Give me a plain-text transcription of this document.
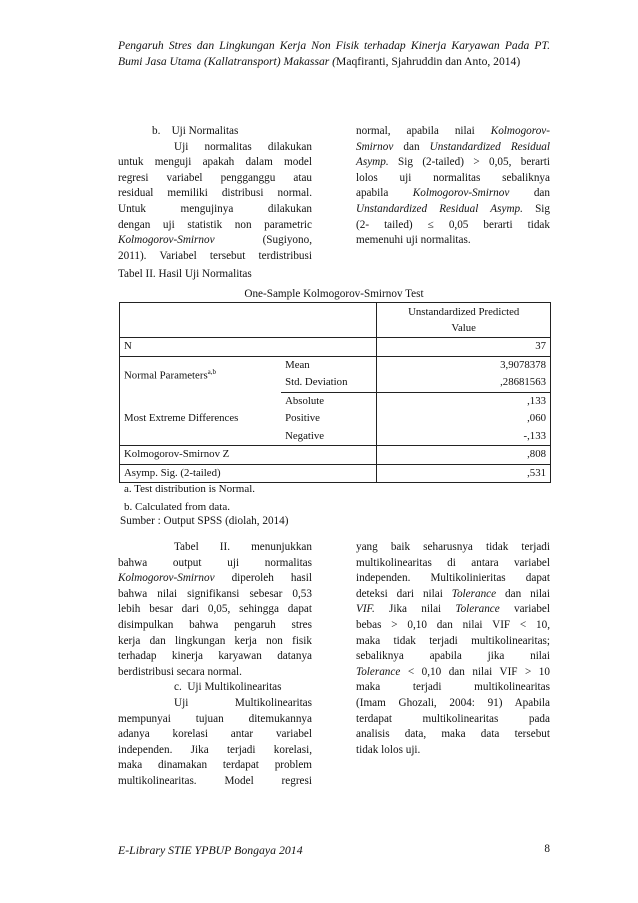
Pengaruh Stres dan Lingkungan Kerja Non Fisik terhadap Kinerja Karyawan Pada PT. Bumi Jasa Utama (Kallatransport) Makassar (Maqfiranti, Sjahruddin dan Anto, 2014)

b.    Uji Normalitas

Uji normalitas dilakukan

untuk menguji apakah dalam model

regresi variabel pengganggu atau

residual memiliki distribusi normal.

Untuk mengujinya dilakukan

dengan uji statistik non parametric

Kolmogorov-Smirnov	(Sugiyono,

2011). Variabel tersebut terdistribusi

normal, apabila nilai Kolmogorov-

Smirnov dan Unstandardized Residual

Asymp. Sig (2-tailed) > 0,05, berarti

lolos uji normalitas sebaliknya

apabila Kolmogorov-Smirnov dan

Unstandardized Residual Asymp. Sig

(2- tailed) ≤ 0,05 berarti tidak

memenuhi uji normalitas.

Tabel II. Hasil Uji Normalitas
One-Sample Kolmogorov-Smirnov Test

		Unstandardized Predicted
Value

N		37
Normal Parameters$^{a,b}$	Mean	3,9078378
	Std. Deviation	,28681563
Most Extreme Differences	Absolute	,133
	Positive	,060
	Negative	-,133
Kolmogorov-Smirnov Z		,808
Asymp. Sig. (2-tailed)		,531
a. Test distribution is Normal.
b. Calculated from data.
Sumber : Output SPSS (diolah, 2014)

Tabel II. menunjukkan

bahwa output uji normalitas

Kolmogorov-Smirnov diperoleh hasil

bahwa nilai signifikansi sebesar 0,53

lebih besar dari 0,05, sehingga dapat

disimpulkan bahwa pengaruh stres

kerja dan lingkungan kerja non fisik

terhadap kinerja karyawan datanya

berdistribusi secara normal.

c.  Uji Multikolinearitas

Uji Multikolinearitas

mempunyai tujuan ditemukannya

adanya korelasi antar variabel

independen. Jika terjadi korelasi,

maka dinamakan terdapat problem

multikolinearitas. Model regresi

yang baik seharusnya tidak terjadi

multikolinearitas di antara variabel

independen. Multikolinieritas dapat

deteksi dari nilai Tolerance dan nilai

VIF. Jika nilai Tolerance variabel

bebas > 0,10 dan nilai VIF < 10,

maka tidak terjadi multikolinearitas;

sebaliknya apabila jika nilai

Tolerance < 0,10 dan nilai VIF > 10

maka terjadi multikolinearitas

(Imam Ghozali, 2004: 91) Apabila

terdapat multikolinearitas pada

analisis data, maka data tersebut

tidak lolos uji.

E-Library STIE YPBUP Bongaya 2014	8
